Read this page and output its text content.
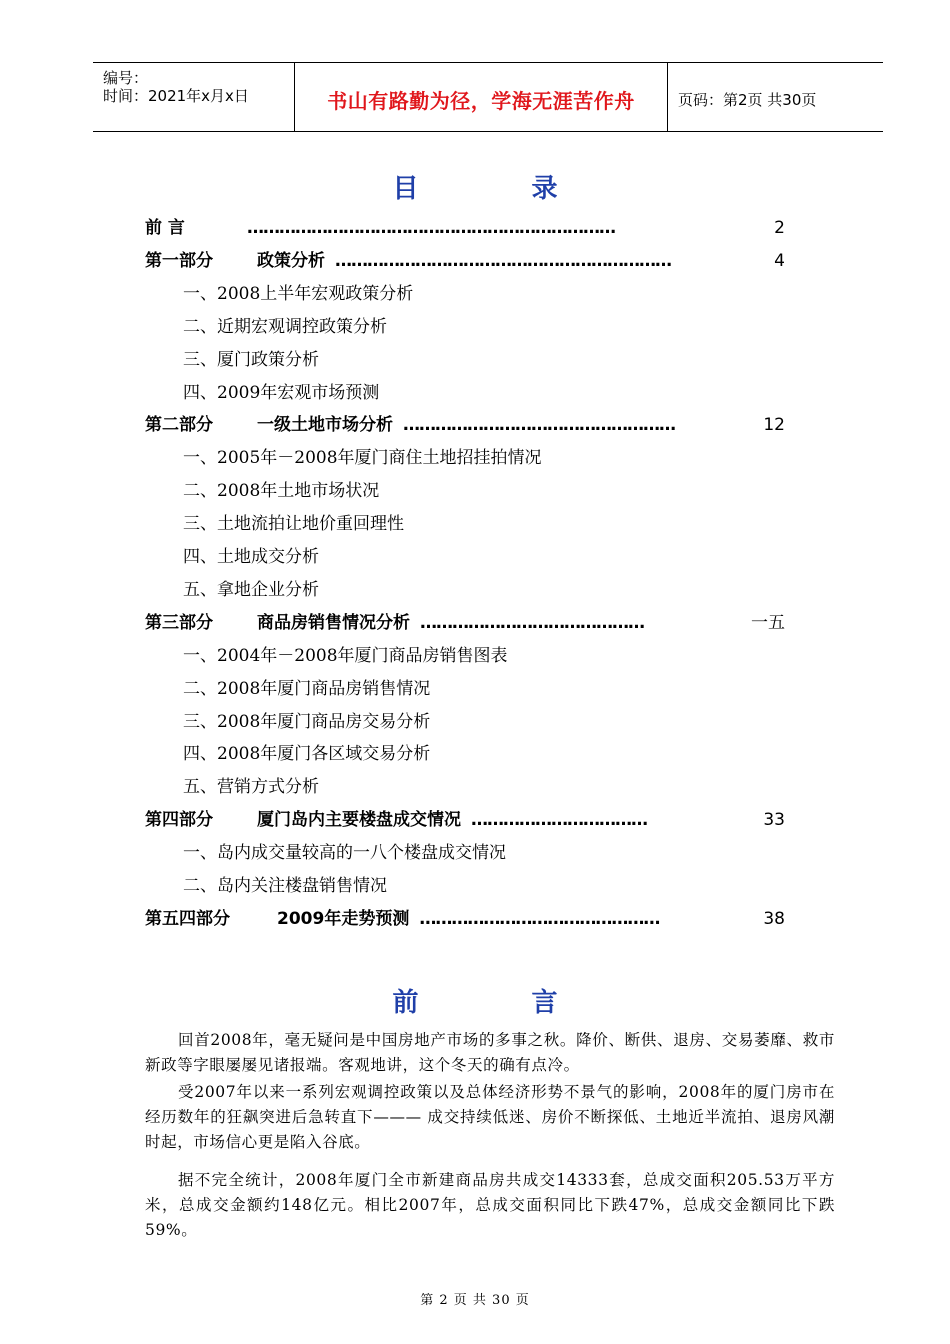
编号：
时间：2021年x月x日	书山有路勤为径，学海无涯苦作舟	页码：第2页 共30页
目 录
前 言	……………………………………………………………	2
第一部分	政策分析 ………………………………………………………	4
一、2008上半年宏观政策分析
二、近期宏观调控政策分析
三、厦门政策分析
四、2009年宏观市场预测
第二部分	一级土地市场分析 ……………………………………………	12
一、2005年－2008年厦门商住土地招挂拍情况
二、2008年土地市场状况
三、土地流拍让地价重回理性
四、土地成交分析
五、拿地企业分析
第三部分	商品房销售情况分析 ……………………………………	一五
一、2004年－2008年厦门商品房销售图表
二、2008年厦门商品房销售情况
三、2008年厦门商品房交易分析
四、2008年厦门各区域交易分析
五、营销方式分析
第四部分	厦门岛内主要楼盘成交情况 ……………………………	33
一、岛内成交量较高的一八个楼盘成交情况
二、岛内关注楼盘销售情况
第五四部分	2009年走势预测 ………………………………………	38
前 言
回首2008年，毫无疑问是中国房地产市场的多事之秋。降价、断供、退房、交易萎靡、救市新政等字眼屡屡见诸报端。客观地讲，这个冬天的确有点冷。
受2007年以来一系列宏观调控政策以及总体经济形势不景气的影响，2008年的厦门房市在经历数年的狂飙突进后急转直下——— 成交持续低迷、房价不断探低、土地近半流拍、退房风潮时起，市场信心更是陷入谷底。
据不完全统计，2008年厦门全市新建商品房共成交14333套，总成交面积205.53万平方米，总成交金额约148亿元。相比2007年，总成交面积同比下跌47%，总成交金额同比下跌59%。
第 2 页 共 30 页
